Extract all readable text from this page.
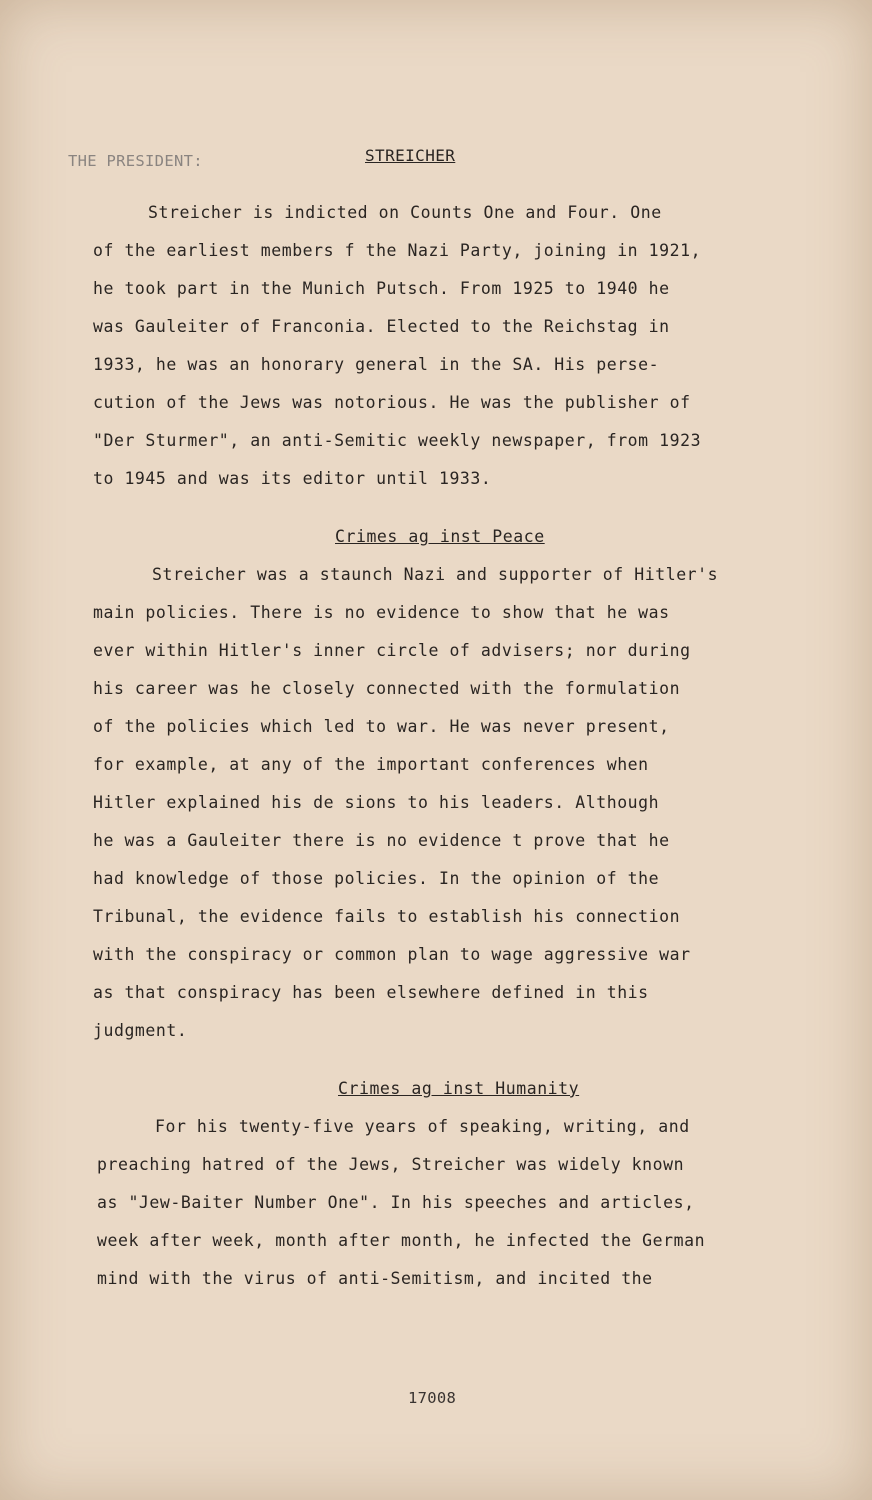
THE PRESIDENT:	STREICHER
Streicher is indicted on Counts One and Four. One
of the earliest members f the Nazi Party, joining in 1921,
he took part in the Munich Putsch. From 1925 to 1940 he
was Gauleiter of Franconia. Elected to the Reichstag in
1933, he was an honorary general in the SA. His perse-
cution of the Jews was notorious. He was the publisher of
"Der Sturmer", an anti-Semitic weekly newspaper, from 1923
to 1945 and was its editor until 1933.
Crimes ag inst Peace
Streicher was a staunch Nazi and supporter of Hitler's
main policies. There is no evidence to show that he was
ever within Hitler's inner circle of advisers; nor during
his career was he closely connected with the formulation
of the policies which led to war. He was never present,
for example, at any of the important conferences when
Hitler explained his de sions to his leaders. Although
he was a Gauleiter there is no evidence t prove that he
had knowledge of those policies. In the opinion of the
Tribunal, the evidence fails to establish his connection
with the conspiracy or common plan to wage aggressive war
as that conspiracy has been elsewhere defined in this
judgment.
Crimes ag inst Humanity
For his twenty-five years of speaking, writing, and
preaching hatred of the Jews, Streicher was widely known
as "Jew-Baiter Number One". In his speeches and articles,
week after week, month after month, he infected the German
mind with the virus of anti-Semitism, and incited the
17008
